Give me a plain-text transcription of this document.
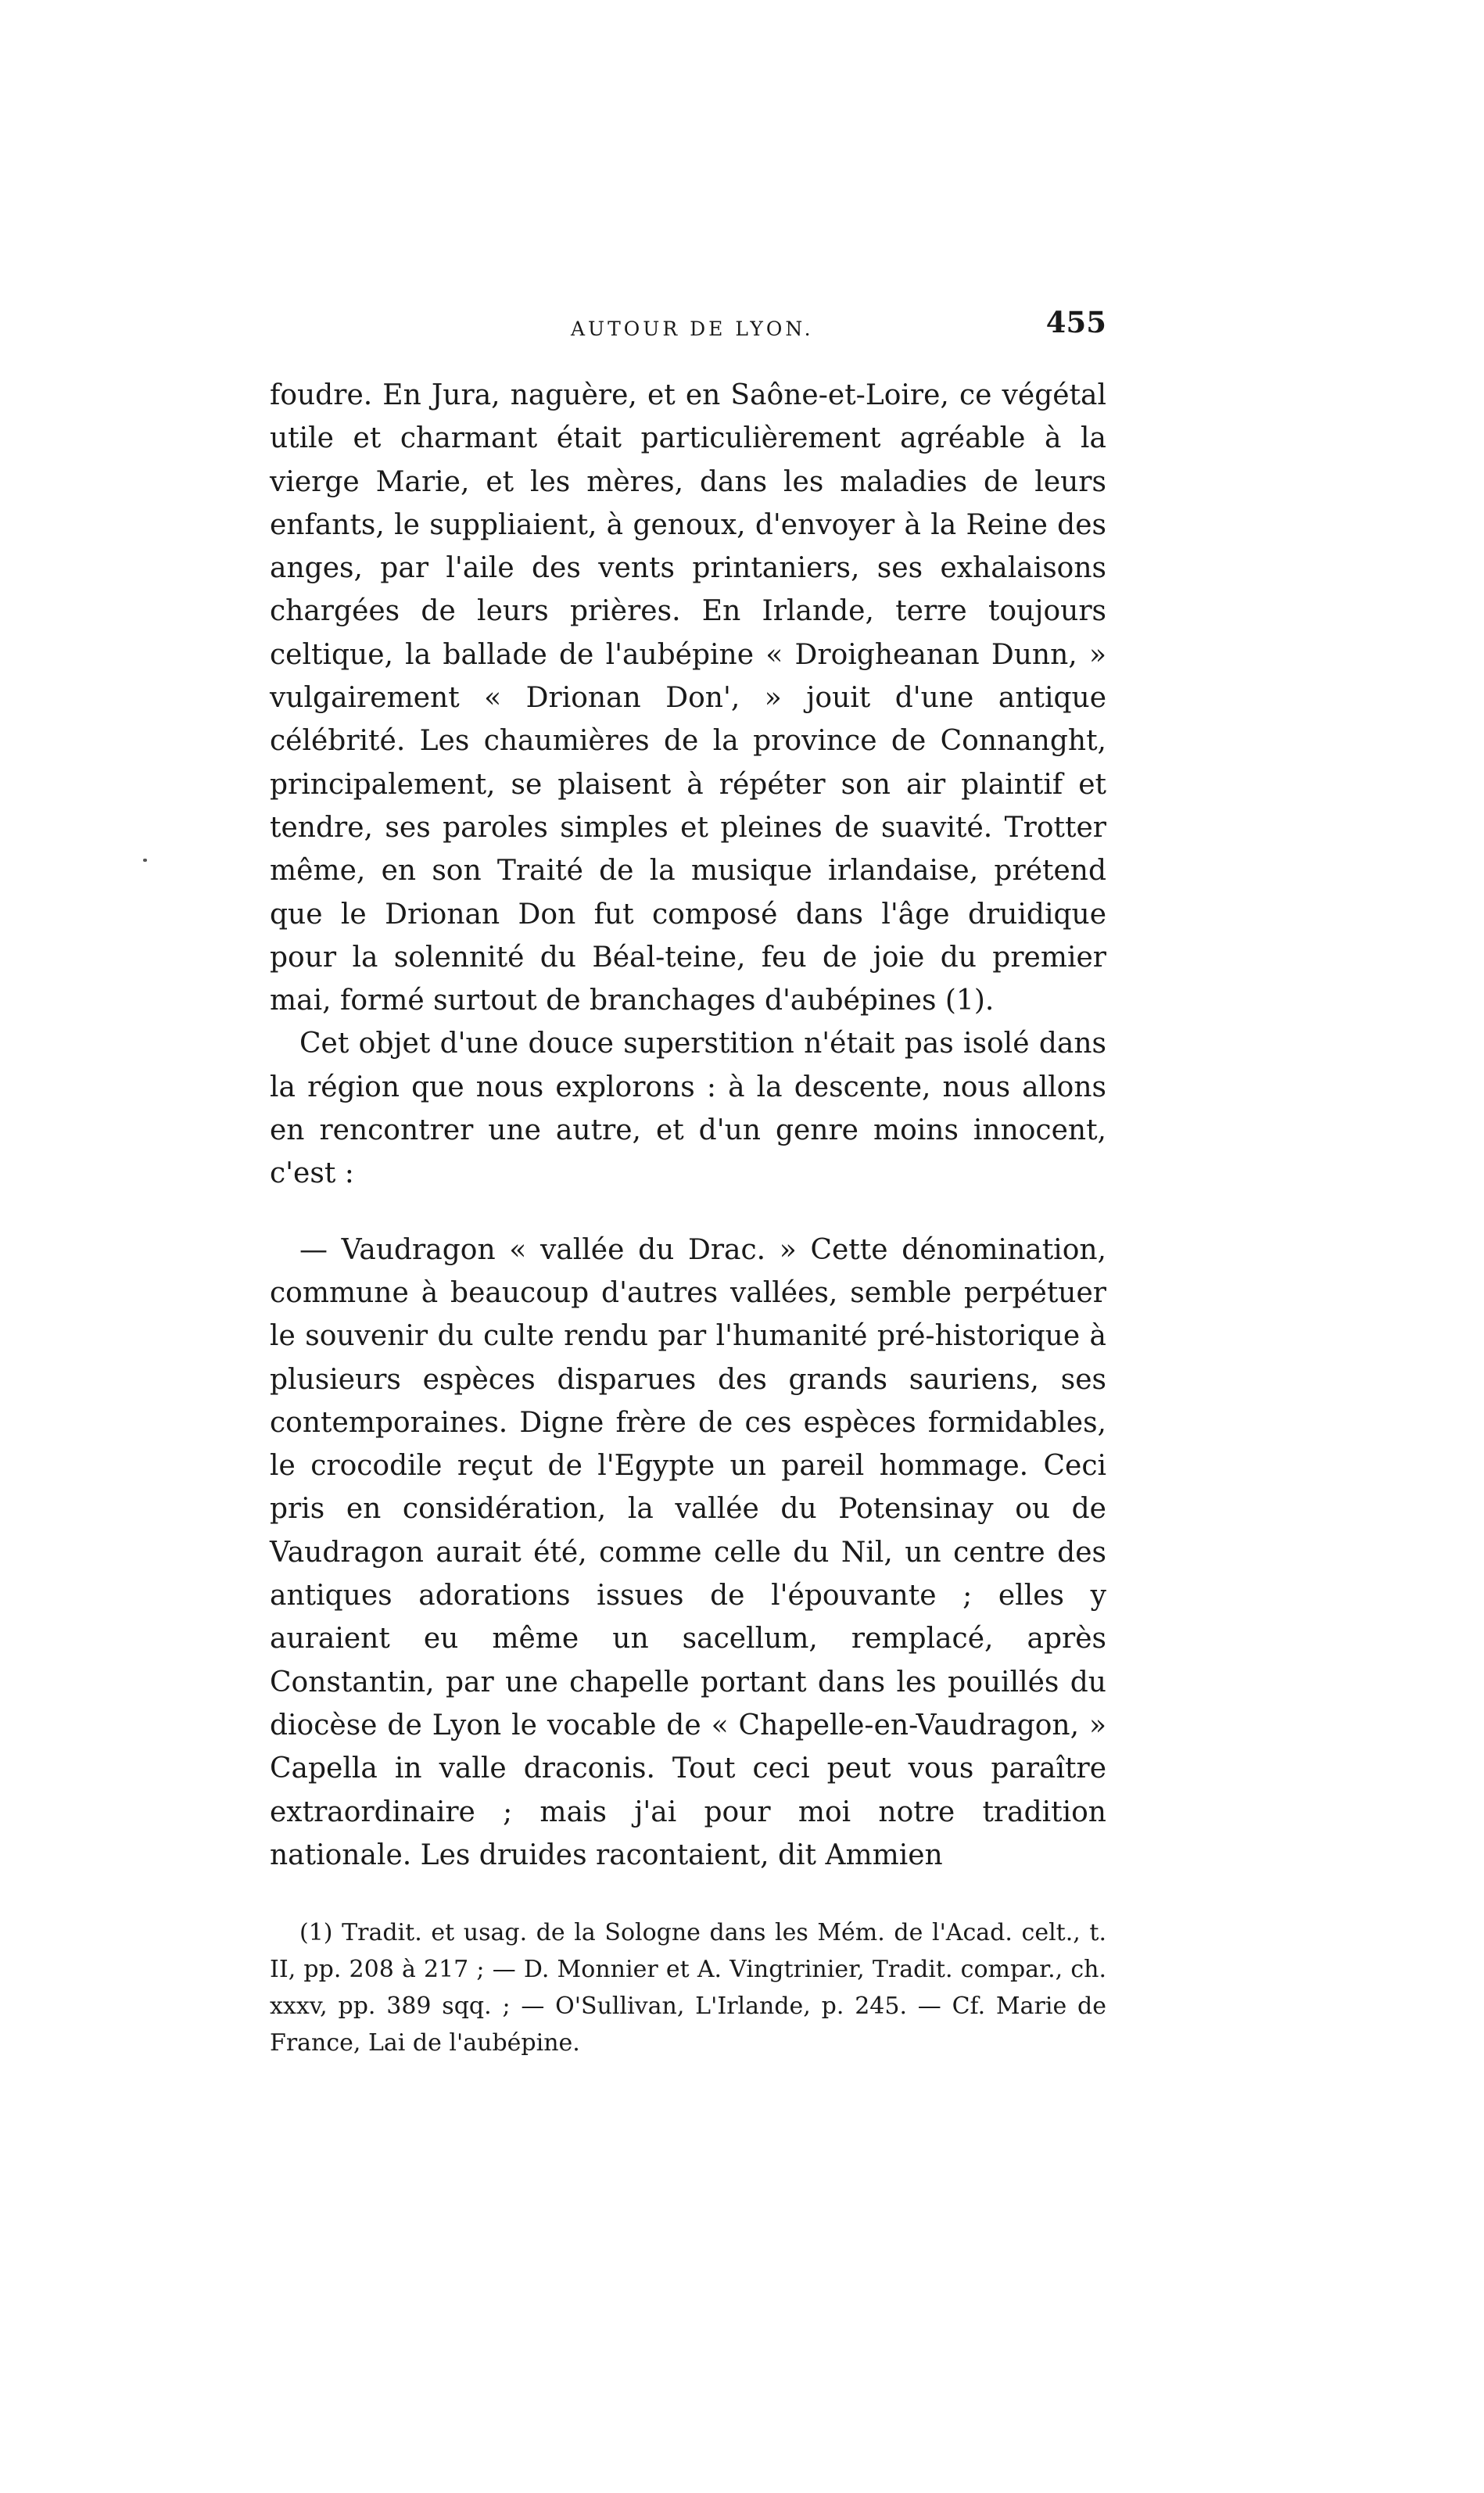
AUTOUR DE LYON.	455

foudre. En Jura, naguère, et en Saône-et-Loire, ce végétal utile et charmant était particulièrement agréable à la vierge Marie, et les mères, dans les maladies de leurs enfants, le suppliaient, à genoux, d'envoyer à la Reine des anges, par l'aile des vents printaniers, ses exhalaisons chargées de leurs prières. En Irlande, terre toujours celtique, la ballade de l'aubépine « Droigheanan Dunn, » vulgairement « Drionan Don', » jouit d'une antique célébrité. Les chaumières de la province de Connanght, principalement, se plaisent à répéter son air plaintif et tendre, ses paroles simples et pleines de suavité. Trotter même, en son Traité de la musique irlandaise, prétend que le Drionan Don fut composé dans l'âge druidique pour la solennité du Béal-teine, feu de joie du premier mai, formé surtout de branchages d'aubépines (1).

Cet objet d'une douce superstition n'était pas isolé dans la région que nous explorons : à la descente, nous allons en rencontrer une autre, et d'un genre moins innocent, c'est :

— Vaudragon « vallée du Drac. » Cette dénomination, commune à beaucoup d'autres vallées, semble perpétuer le souvenir du culte rendu par l'humanité pré-historique à plusieurs espèces disparues des grands sauriens, ses contemporaines. Digne frère de ces espèces formidables, le crocodile reçut de l'Egypte un pareil hommage. Ceci pris en considération, la vallée du Potensinay ou de Vaudragon aurait été, comme celle du Nil, un centre des antiques adorations issues de l'épouvante ; elles y auraient eu même un sacellum, remplacé, après Constantin, par une chapelle portant dans les pouillés du diocèse de Lyon le vocable de « Chapelle-en-Vaudragon, » Capella in valle draconis. Tout ceci peut vous paraître extraordinaire ; mais j'ai pour moi notre tradition nationale. Les druides racontaient, dit Ammien

(1) Tradit. et usag. de la Sologne dans les Mém. de l'Acad. celt., t. II, pp. 208 à 217 ; — D. Monnier et A. Vingtrinier, Tradit. compar., ch. xxxv, pp. 389 sqq. ; — O'Sullivan, L'Irlande, p. 245. — Cf. Marie de France, Lai de l'aubépine.
